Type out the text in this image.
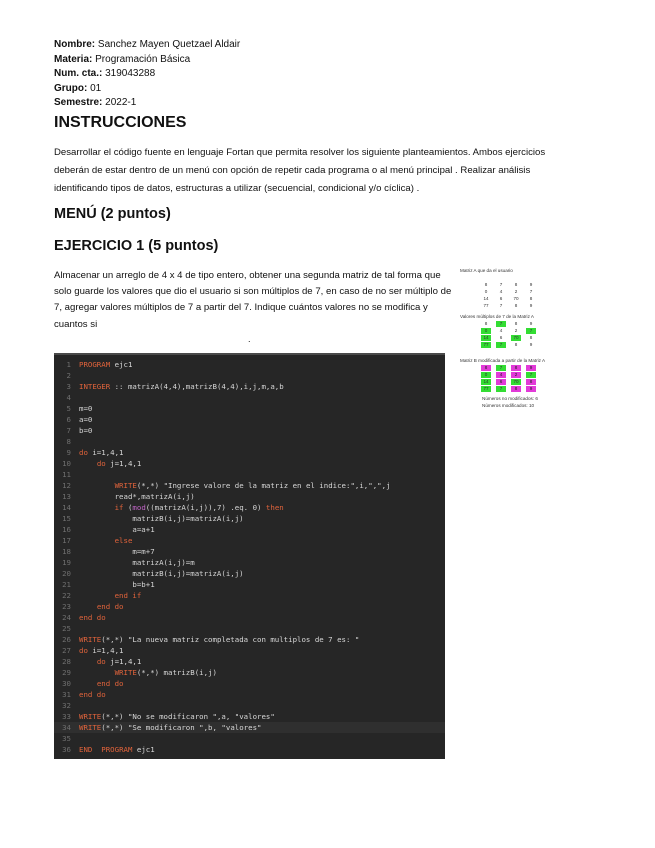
Nombre: Sanchez Mayen Quetzael Aldair
Materia: Programación Básica
Num. cta.: 319043288
Grupo: 01
Semestre: 2022-1
INSTRUCCIONES
Desarrollar el código fuente en lenguaje Fortan que permita resolver los siguiente planteamientos. Ambos ejercicios deberán de estar dentro de un menú con opción de repetir cada programa o al menú principal . Realizar análisis identificando tipos de datos, estructuras a utilizar (secuencial, condicional y/o cíclica) .
MENÚ (2 puntos)
EJERCICIO 1 (5 puntos)
Almacenar un arreglo de 4 x 4 de tipo entero, obtener una segunda matriz de tal forma que solo guarde los valores que dio el usuario si son múltiplos de 7, en caso de no ser múltiplo de 7, agregar valores múltiplos de 7 a partir del 7. Indique cuántos valores no se modifica y cuantos si
.
1 PROGRAM ejc1
2
3 INTEGER :: matrizA(4,4),matrizB(4,4),i,j,m,a,b
4
5 m=0
6 a=0
7 b=0
8
9 do i=1,4,1
10	do j=1,4,1
11
12	WRITE(*,*) "Ingrese valore de la matriz en el indice:",i,",",j
13 read*,matrizA(i,j)
14	if (mod((matrizA(i,j)),7) .eq. 0) then
15 matrizB(i,j)=matrizA(i,j)
16 a=a+1
17	else
18 m=m+7
19 matrizA(i,j)=m
20 matrizB(i,j)=matrizA(i,j)
21 b=b+1
22	end if
23	end do
24 end do
25
26 WRITE(*,*) "La nueva matriz completada con multiplos de 7 es: "
27 do i=1,4,1
28	do j=1,4,1
29	WRITE(*,*) matrizB(i,j)
30	end do
31 end do
32
33 WRITE(*,*) "No se modificaron ",a, "valores"
34 WRITE(*,*) "Se modificaron ",b, "valores"
35
36 END PROGRAM ejc1
Matriz A que da el usuario
8	7	8	9
0	4	2	7
14	6	70	8
77	7	8	9
Valores múltiplos de 7 de la Matriz A
8	7	8	9
0	4	2	7
14	6	70	8
77	7	8	9
Matriz B modificada a partir de la Matriz A
8	7	8	9
0	4	2	7
14	6	70	8
77	7	8	9
Números no modificados: 6
Números modificados: 10
